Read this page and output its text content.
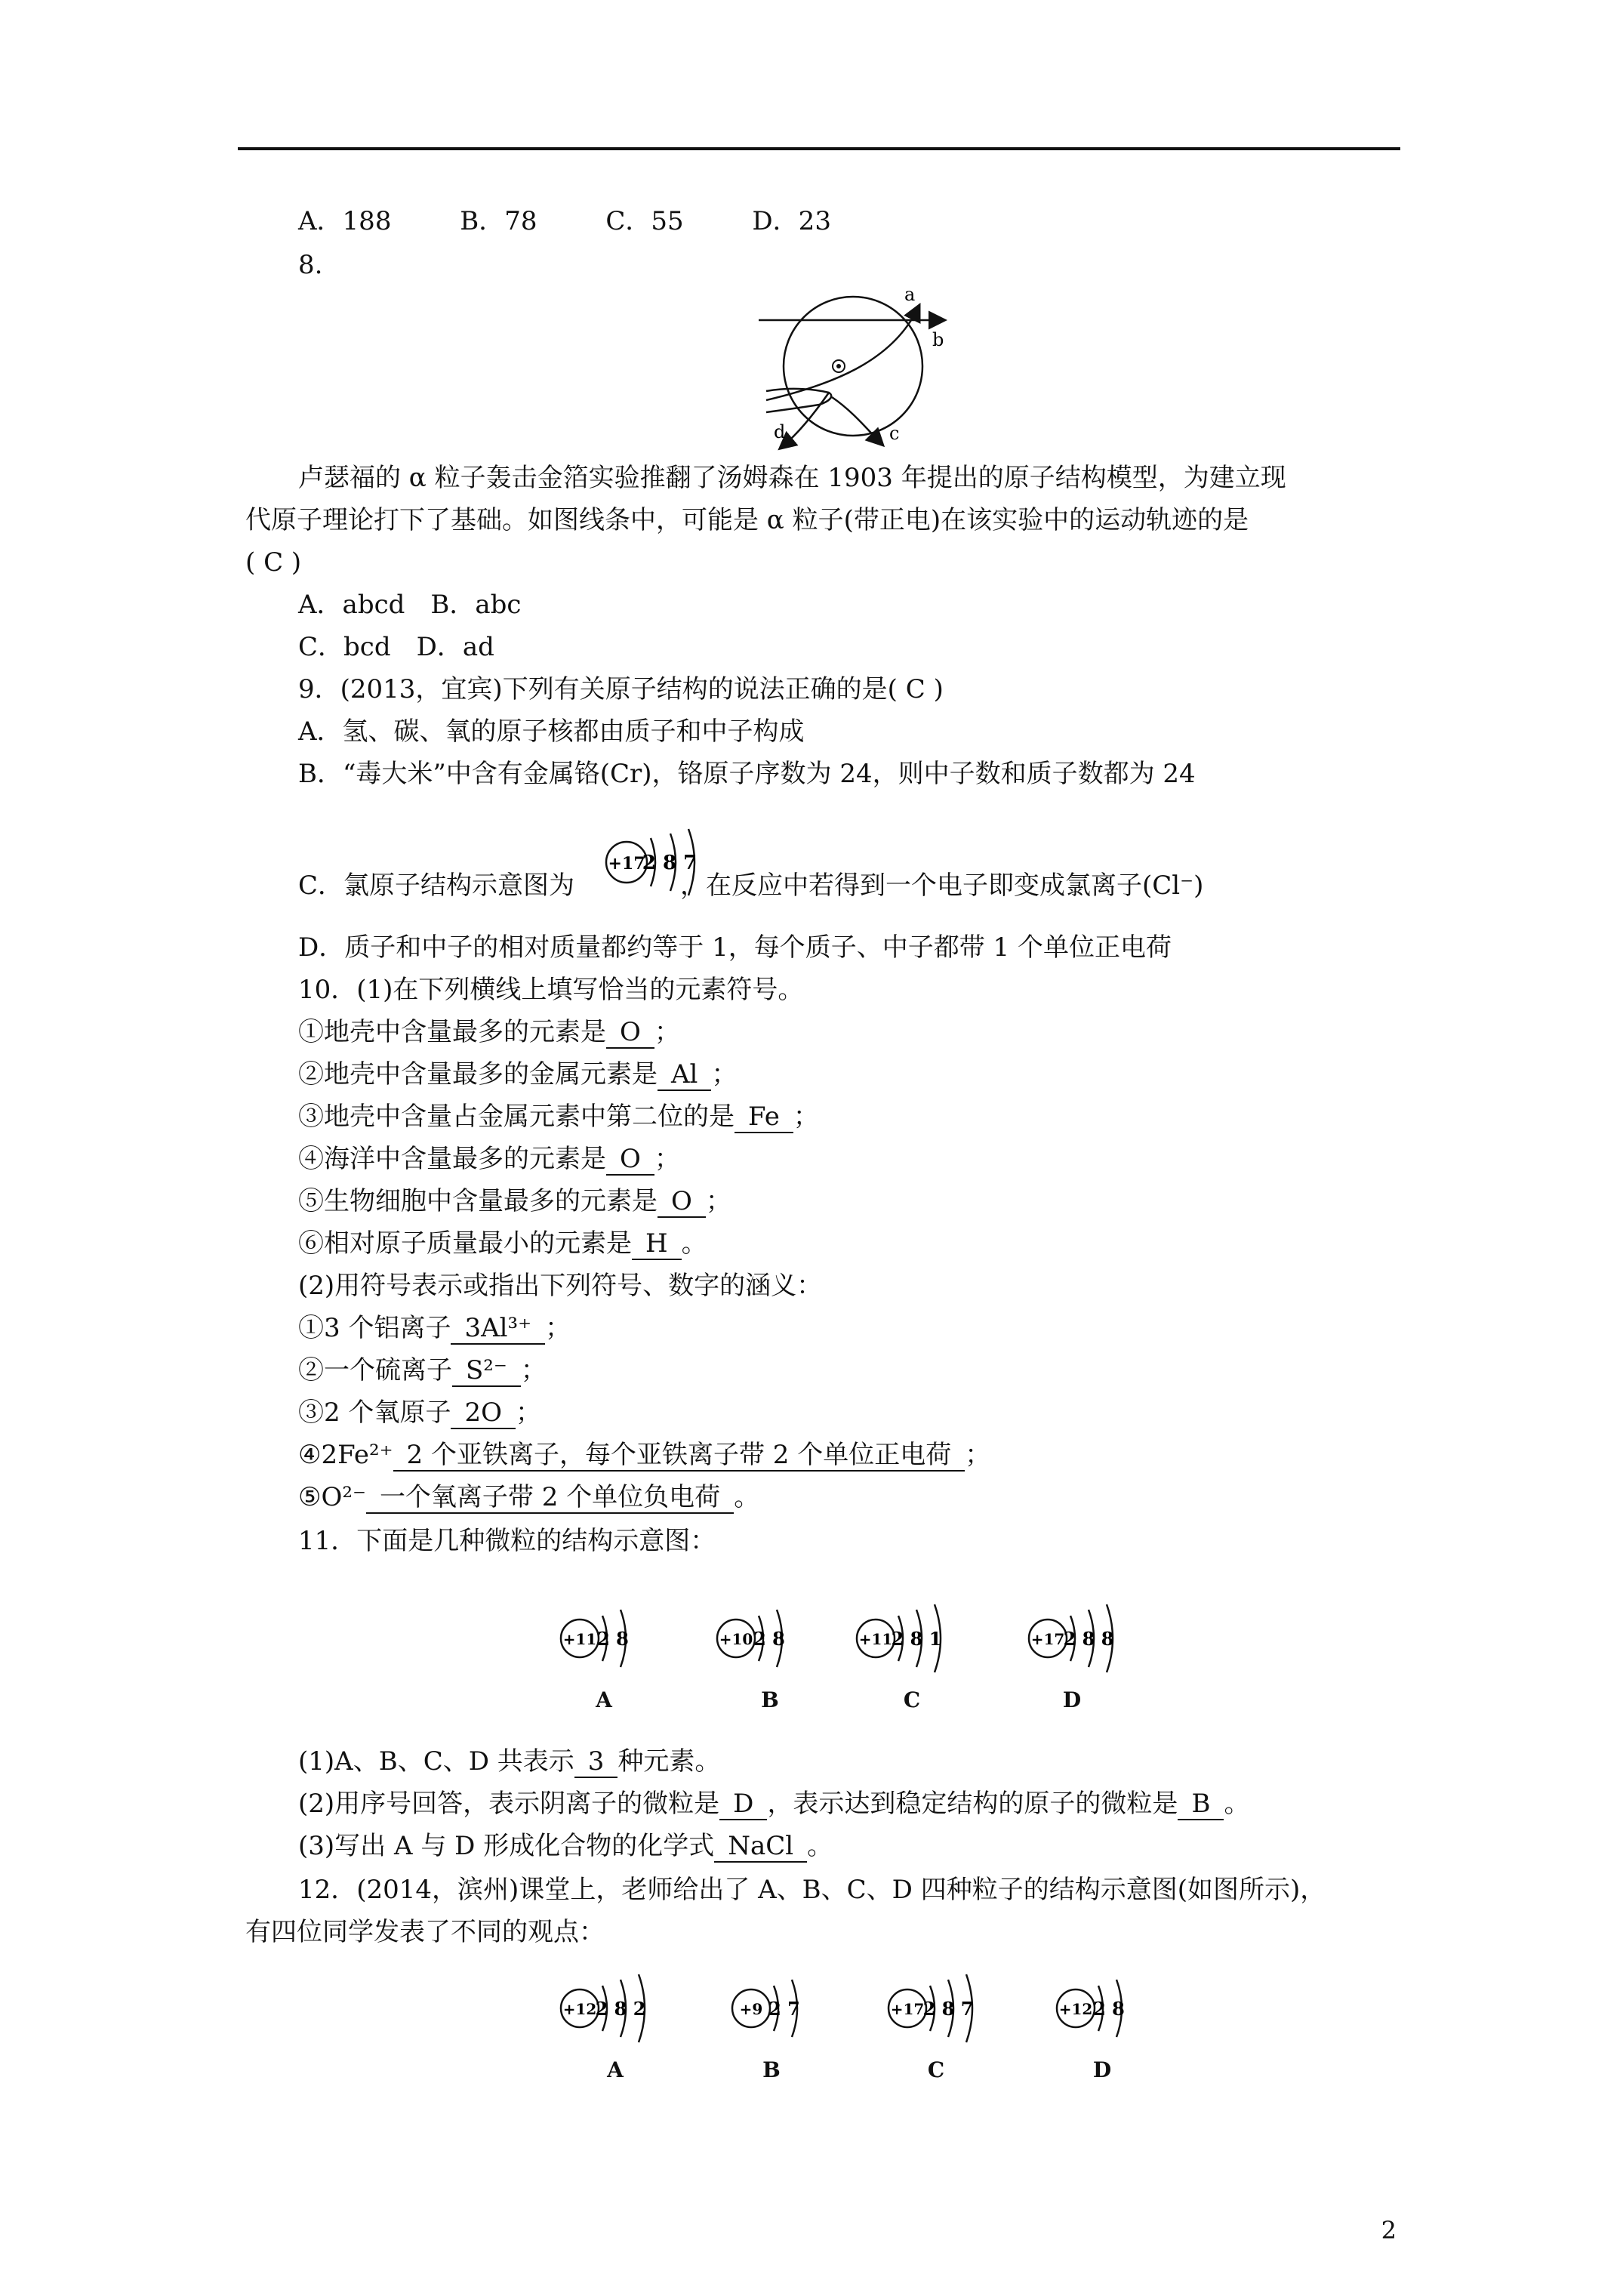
A．188	B．78	C．55	D．23
8.
a
b
c
d
卢瑟福的 α 粒子轰击金箔实验推翻了汤姆森在 1903 年提出的原子结构模型，为建立现
代原子理论打下了基础。如图线条中，可能是 α 粒子(带正电)在该实验中的运动轨迹的是
( C )
A．abcd　B．abc
C．bcd　D．ad
9．(2013，宜宾)下列有关原子结构的说法正确的是( C )
A．氢、碳、氧的原子核都由质子和中子构成
B．“毒大米”中含有金属铬(Cr)，铬原子序数为 24，则中子数和质子数都为 24
C．氯原子结构示意图为	，在反应中若得到一个电子即变成氯离子(Cl⁻)
+17
2 8 7
D．质子和中子的相对质量都约等于 1，每个质子、中子都带 1 个单位正电荷
10．(1)在下列横线上填写恰当的元素符号。
①地壳中含量最多的元素是 O ；
②地壳中含量最多的金属元素是 Al ；
③地壳中含量占金属元素中第二位的是 Fe ；
④海洋中含量最多的元素是 O ；
⑤生物细胞中含量最多的元素是 O ；
⑥相对原子质量最小的元素是 H 。
(2)用符号表示或指出下列符号、数字的涵义：
①3 个铝离子 3Al³⁺ ；
②一个硫离子 S²⁻ ；
③2 个氧原子 2O ；
④2Fe²⁺ 2 个亚铁离子，每个亚铁离子带 2 个单位正电荷 ；
⑤O²⁻ 一个氧离子带 2 个单位负电荷 。
11．下面是几种微粒的结构示意图：
+11 2 8	+10 2 8	+11
2 8 1	+17
2 8 8
A	B	C	D
(1)A、B、C、D 共表示 3 种元素。
(2)用序号回答，表示阴离子的微粒是 D ，表示达到稳定结构的原子的微粒是 B 。
(3)写出 A 与 D 形成化合物的化学式 NaCl 。
12．(2014，滨州)课堂上，老师给出了 A、B、C、D 四种粒子的结构示意图(如图所示)，
有四位同学发表了不同的观点：
+12
2 8 2	+9 2 7	+17
2 8 7	+12 2 8
A	B	C	D
2
